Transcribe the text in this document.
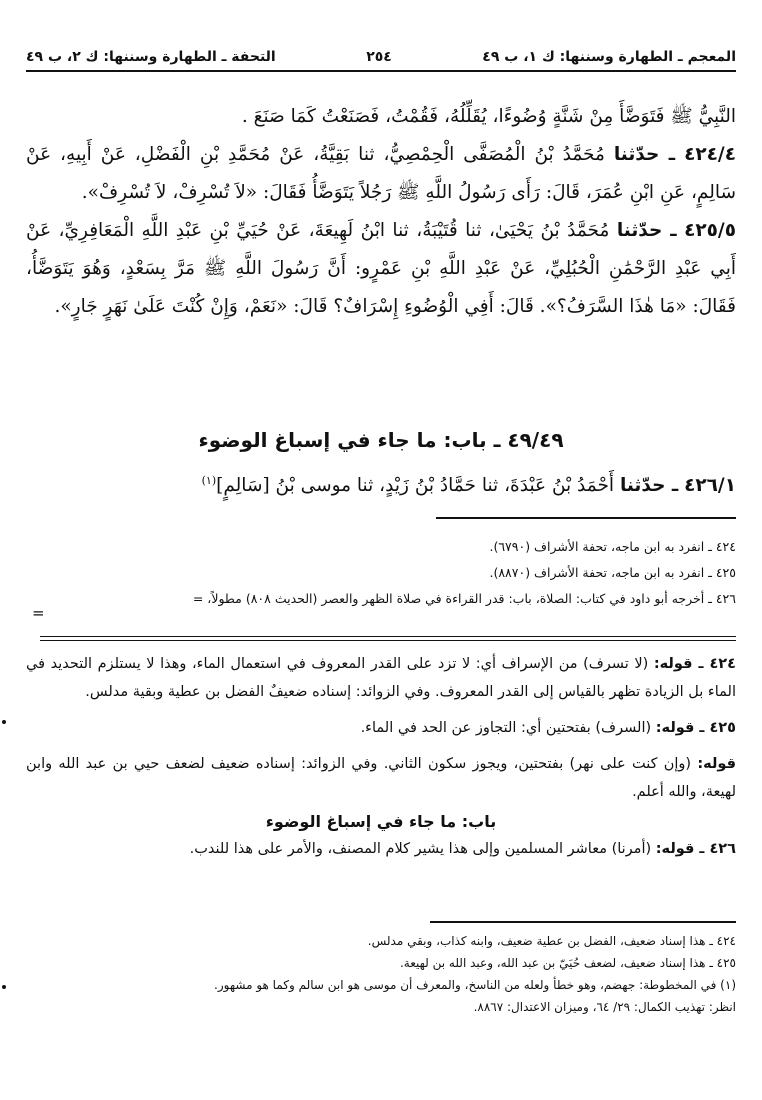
المعجم ـ الطهارة وسننها: ك ١، ب ٤٩
٢٥٤
التحفة ـ الطهارة وسننها: ك ٢، ب ٤٩

النَّبِيُّ ﷺ فَتَوَضَّأَ مِنْ شَنَّةٍ وُضُوءًا، يُقَلِّلُهُ، فَقُمْتُ، فَصَنَعْتُ كَمَا صَنَعَ .

٤٢٤/٤ ـ حدّثنا مُحَمَّدُ بْنُ الْمُصَفَّى الْحِمْصِيُّ، ثنا بَقِيَّةُ، عَنْ مُحَمَّدِ بْنِ الْفَضْلِ، عَنْ أَبِيهِ، عَنْ سَالِمٍ، عَنِ ابْنِ عُمَرَ، قَالَ: رَأَى رَسُولُ اللَّهِ ﷺ رَجُلاً يَتَوَضَّأُ فَقَالَ: «لاَ تُسْرِفْ، لاَ تُسْرِفْ».

٤٢٥/٥ ـ حدّثنا مُحَمَّدُ بْنُ يَحْيَىٰ، ثنا قُتَيْبَةُ، ثنا ابْنُ لَهِيعَةَ، عَنْ حُيَيِّ بْنِ عَبْدِ اللَّهِ الْمَعَافِرِيِّ، عَنْ أَبِي عَبْدِ الرَّحْمَٰنِ الْحُبُلِيِّ، عَنْ عَبْدِ اللَّهِ بْنِ عَمْرٍو: أَنَّ رَسُولَ اللَّهِ ﷺ مَرَّ بِسَعْدٍ، وَهُوَ يَتَوَضَّأُ، فَقَالَ: «مَا هٰذَا السَّرَفُ؟». قَالَ: أَفِي الْوُضُوءِ إِسْرَافٌ؟ قَالَ: «نَعَمْ، وَإِنْ كُنْتَ عَلَىٰ نَهَرٍ جَارٍ».

٤٩/٤٩ ـ باب: ما جاء في إسباغ الوضوء
٤٢٦/١ ـ حدّثنا أَحْمَدُ بْنُ عَبْدَةَ، ثنا حَمَّادُ بْنُ زَيْدٍ، ثنا موسى بْنُ [سَالِمٍ]$^{(١)}$
٤٢٤ ـ انفرد به ابن ماجه، تحفة الأشراف (٦٧٩٠).
٤٢٥ ـ انفرد به ابن ماجه، تحفة الأشراف (٨٨٧٠).
٤٢٦ ـ أخرجه أبو داود في كتاب: الصلاة، باب: قدر القراءة في صلاة الظهر والعصر (الحديث ٨٠٨) مطولاً، =

٤٢٤ ـ قوله: (لا تسرف) من الإسراف أي: لا تزد على القدر المعروف في استعمال الماء، وهذا لا يستلزم التحديد في الماء بل الزيادة تظهر بالقياس إلى القدر المعروف. وفي الزوائد: إسناده ضعيفٌ الفضل بن عطية وبقية مدلس.

٤٢٥ ـ قوله: (السرف) بفتحتين أي: التجاوز عن الحد في الماء.

قوله: (وإن كنت على نهر) بفتحتين، ويجوز سكون الثاني. وفي الزوائد: إسناده ضعيف لضعف حيي بن عبد الله وابن لهيعة، والله أعلم.

باب: ما جاء في إسباغ الوضوء

٤٢٦ ـ قوله: (أمرنا) معاشر المسلمين وإلى هذا يشير كلام المصنف، والأمر على هذا للندب.

٤٢٤ ـ هذا إسناد ضعيف، الفضل بن عطية ضعيف، وابنه كذاب، وبقي مدلس.
٤٢٥ ـ هذا إسناد ضعيف، لضعف حُيَيّ بن عبد الله، وعبد الله بن لهيعة.
(١) في المخطوطة: جهضم، وهو خطأ ولعله من الناسخ، والمعرف أن موسى هو ابن سالم وكما هو مشهور.
انظر: تهذيب الكمال: ٢٩/ ٦٤، وميزان الاعتدال: ٨٨٦٧.
=
